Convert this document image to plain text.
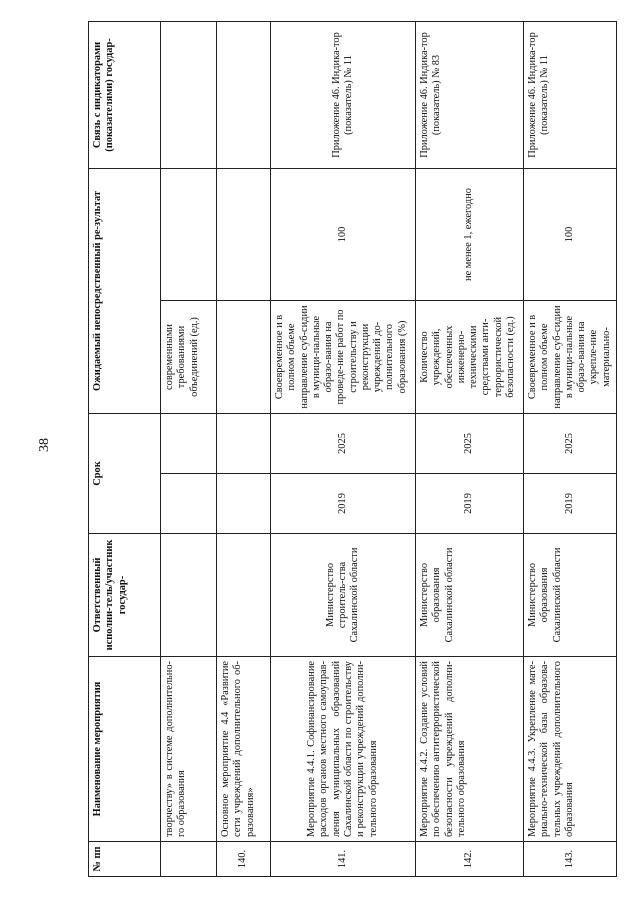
38
№ пп	Наименование мероприятия	Ответственный исполни-тель/участник государ-	Срок		Ожидаемый непосредственный ре-зультат		Связь с индикаторами (показателями) государ-
	творчеству» в системе дополнительно-го образования				современными требованиями объединений (ед.)		
140.	Основное мероприятие 4.4 «Развитие сети учреждений дополнительного об-разования»						
141.	Мероприятие 4.4.1. Софинансирование расходов органов местного самоуправ-ления муниципальных образований Сахалинской области по строительству и реконструкции учреждений дополни-тельного образования	Министерство строитель-ства Сахалинской области	2019	2025	Своевременное и в полном объеме направление суб-сидии в муници-пальные образо-вания на проведе-ние работ по строительству и реконструкции учреждений до-полнительного образования (%)	100	Приложение 46. Индика-тор (показатель) № 11
142.	Мероприятие 4.4.2. Создание условий по обеспечению антитеррористической безопасности учреждений дополни-тельного образования	Министерство образования Сахалинской области	2019	2025	Количество учреждений, обеспеченных инженерно-техническими средствами анти-террористической безопасности (ед.)	не менее 1, ежегодно	Приложение 46. Индика-тор (показатель) № 83
143.	Мероприятие 4.4.3. Укрепление мате-риально-технической базы образова-тельных учреждений дополнительного образования	Министерство образования Сахалинской области	2019	2025	Своевременное и в полном объеме направление суб-сидии в муници-пальные образо-вания на укрепле-ние материально-	100	Приложение 46. Индика-тор (показатель) № 11
